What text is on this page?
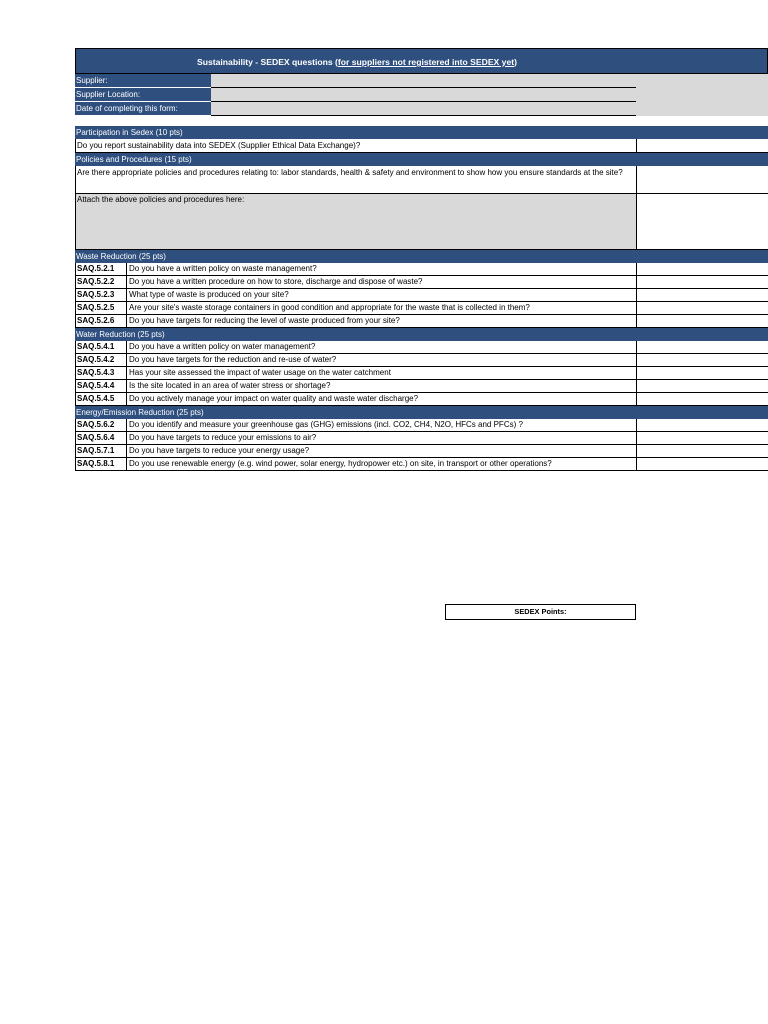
Sustainability - SEDEX questions (for suppliers not registered into SEDEX yet)
Supplier:
Supplier Location:
Date of completing this form:
Participation in Sedex (10 pts)
Do you report sustainability data into SEDEX (Supplier Ethical Data Exchange)?
Policies and Procedures (15 pts)
Are there appropriate policies and procedures relating to: labor standards, health & safety and environment to show how you ensure standards at the site?
Attach the above policies and procedures here:
Waste Reduction (25 pts)
SAQ.5.2.1	Do you have a written policy on waste management?
SAQ.5.2.2	Do you have a written procedure on how to store, discharge and dispose of waste?
SAQ.5.2.3	What type of waste is produced on your site?
SAQ.5.2.5	Are your site's waste storage containers in good condition and appropriate for the waste that is collected in them?
SAQ.5.2.6	Do you have targets for reducing the level of waste produced from your site?
Water Reduction (25 pts)
SAQ.5.4.1	Do you have a written policy on water management?
SAQ.5.4.2	Do you have targets for the reduction and re-use of water?
SAQ.5.4.3	Has your site assessed the impact of water usage on the water catchment
SAQ.5.4.4	Is the site located in an area of water stress or shortage?
SAQ.5.4.5	Do you actively manage your impact on water quality and waste water discharge?
Energy/Emission Reduction (25 pts)
SAQ.5.6.2	Do you identify and measure your greenhouse gas (GHG) emissions (incl. CO2, CH4, N2O, HFCs and PFCs) ?
SAQ.5.6.4	Do you have targets to reduce your emissions to air?
SAQ.5.7.1	Do you have targets to reduce your energy usage?
SAQ.5.8.1	Do you use renewable energy (e.g. wind power, solar energy, hydropower etc.) on site, in transport or other operations?
SEDEX Points:
